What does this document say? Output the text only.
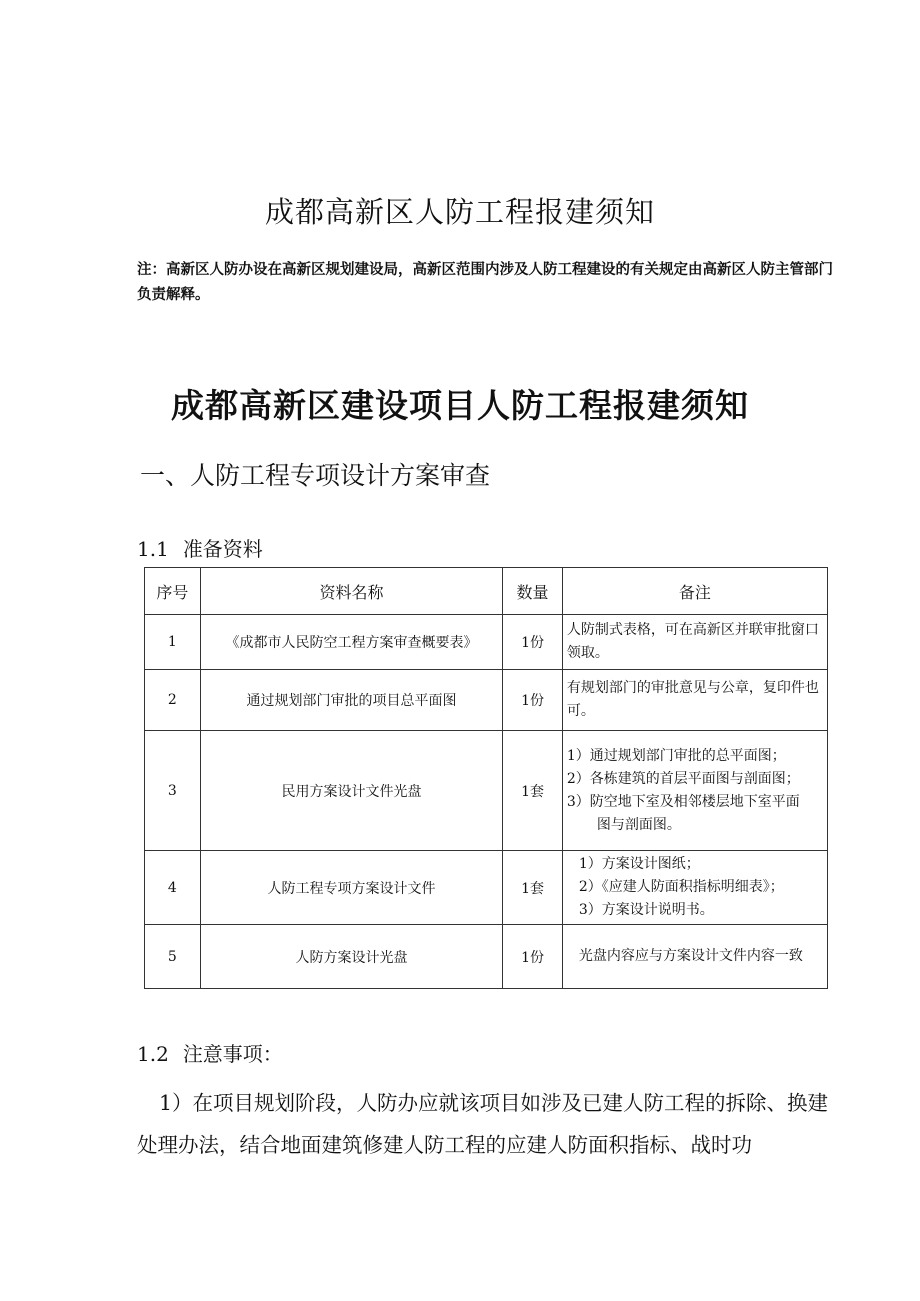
成都高新区人防工程报建须知
注：高新区人防办设在高新区规划建设局，高新区范围内涉及人防工程建设的有关规定由高新区人防主管部门负责解释。
成都高新区建设项目人防工程报建须知
一、人防工程专项设计方案审查
1.1 准备资料
序号	资料名称	数量	备注
1	《成都市人民防空工程方案审查概要表》	1份	人防制式表格，可在高新区并联审批窗口领取。

2	通过规划部门审批的项目总平面图	1份	有规划部门的审批意见与公章，复印件也可。

3	民用方案设计文件光盘	1套	1）通过规划部门审批的总平面图；
2）各栋建筑的首层平面图与剖面图；
3）防空地下室及相邻楼层地下室平面
图与剖面图。

4	人防工程专项方案设计文件	1套	1）方案设计图纸；
2）《应建人防面积指标明细表》；
3）方案设计说明书。

5	人防方案设计光盘	1份	光盘内容应与方案设计文件内容一致
1.2 注意事项：

1）在项目规划阶段，人防办应就该项目如涉及已建人防工程的拆除、换建处理办法，结合地面建筑修建人防工程的应建人防面积指标、战时功
